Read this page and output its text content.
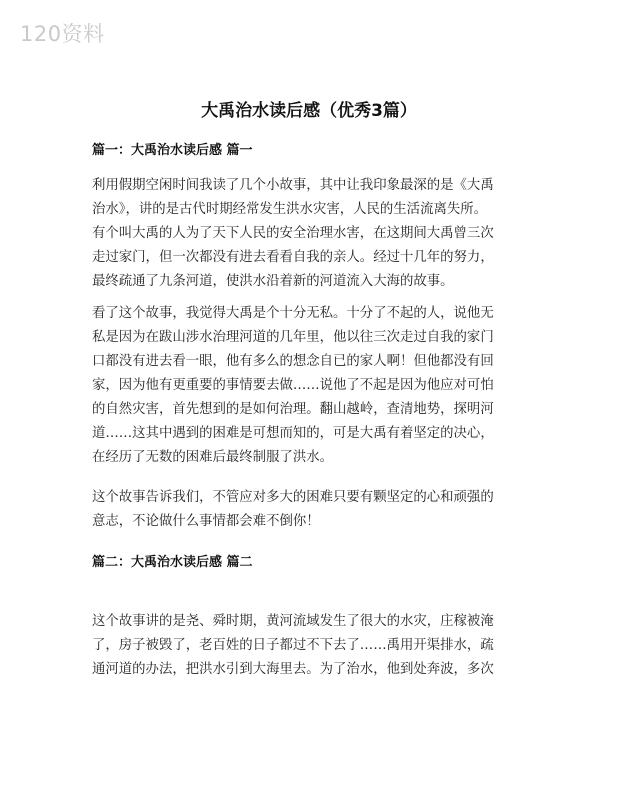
120资料
大禹治水读后感（优秀3篇）
篇一：大禹治水读后感 篇一

利用假期空闲时间我读了几个小故事，其中让我印象最深的是《大禹
治水》，讲的是古代时期经常发生洪水灾害，人民的生活流离失所。
有个叫大禹的人为了天下人民的安全治理水害，在这期间大禹曾三次
走过家门，但一次都没有进去看看自我的亲人。经过十几年的努力，
最终疏通了九条河道，使洪水沿着新的河道流入大海的故事。

看了这个故事，我觉得大禹是个十分无私。十分了不起的人，说他无
私是因为在跋山涉水治理河道的几年里，他以往三次走过自我的家门
口都没有进去看一眼，他有多么的想念自已的家人啊！但他都没有回
家，因为他有更重要的事情要去做……说他了不起是因为他应对可怕
的自然灾害，首先想到的是如何治理。翻山越岭，查清地势，探明河
道……这其中遇到的困难是可想而知的，可是大禹有着坚定的决心，
在经历了无数的困难后最终制服了洪水。

这个故事告诉我们，不管应对多大的困难只要有颗坚定的心和顽强的
意志，不论做什么事情都会难不倒你！

篇二：大禹治水读后感 篇二

这个故事讲的是尧、舜时期，黄河流域发生了很大的水灾，庄稼被淹
了，房子被毁了，老百姓的日子都过不下去了……禹用开渠排水，疏
通河道的办法，把洪水引到大海里去。为了治水，他到处奔波，多次
